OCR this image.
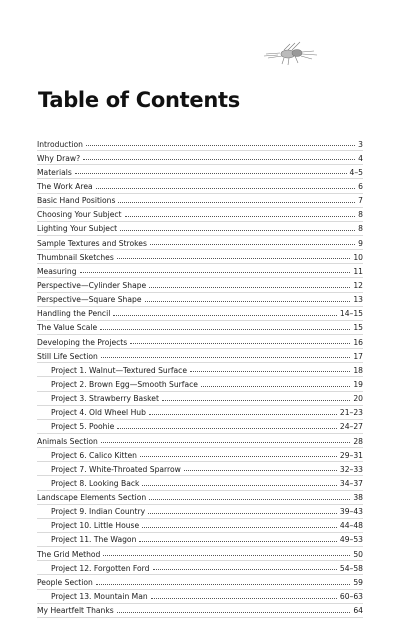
Table of Contents
Introduction	3
Why Draw?	4
Materials	4–5
The Work Area	6
Basic Hand Positions	7
Choosing Your Subject	8
Lighting Your Subject	8
Sample Textures and Strokes	9
Thumbnail Sketches	10
Measuring	11
Perspective—Cylinder Shape	12
Perspective—Square Shape	13
Handling the Pencil	14–15
The Value Scale	15
Developing the Projects	16
Still Life Section	17
Project 1. Walnut—Textured Surface	18
Project 2. Brown Egg—Smooth Surface	19
Project 3. Strawberry Basket	20
Project 4. Old Wheel Hub	21–23
Project 5. Poohie	24–27
Animals Section	28
Project 6. Calico Kitten	29–31
Project 7. White-Throated Sparrow	32–33
Project 8. Looking Back	34–37
Landscape Elements Section	38
Project 9. Indian Country	39–43
Project 10. Little House	44–48
Project 11. The Wagon	49–53
The Grid Method	50
Project 12. Forgotten Ford	54–58
People Section	59
Project 13. Mountain Man	60–63
My Heartfelt Thanks	64
